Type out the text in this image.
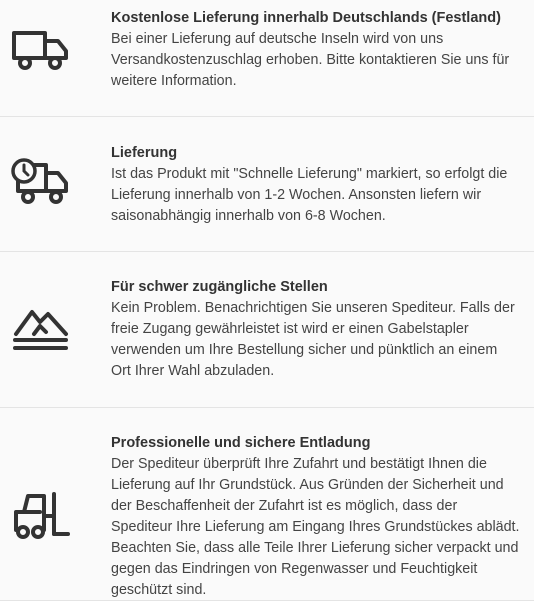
Kostenlose Lieferung innerhalb Deutschlands (Festland)

Bei einer Lieferung auf deutsche Inseln wird von uns
Versandkostenzuschlag erhoben. Bitte kontaktieren Sie uns für
weitere Information.

Lieferung

Ist das Produkt mit "Schnelle Lieferung" markiert, so erfolgt die
Lieferung innerhalb von 1-2 Wochen. Ansonsten liefern wir
saisonabhängig innerhalb von 6-8 Wochen.

Für schwer zugängliche Stellen

Kein Problem. Benachrichtigen Sie unseren Spediteur. Falls der
freie Zugang gewährleistet ist wird er einen Gabelstapler
verwenden um Ihre Bestellung sicher und pünktlich an einem
Ort Ihrer Wahl abzuladen.

Professionelle und sichere Entladung

Der Spediteur überprüft Ihre Zufahrt und bestätigt Ihnen die
Lieferung auf Ihr Grundstück. Aus Gründen der Sicherheit und
der Beschaffenheit der Zufahrt ist es möglich, dass der
Spediteur Ihre Lieferung am Eingang Ihres Grundstückes ablädt.
Beachten Sie, dass alle Teile Ihrer Lieferung sicher verpackt und
gegen das Eindringen von Regenwasser und Feuchtigkeit
geschützt sind.
